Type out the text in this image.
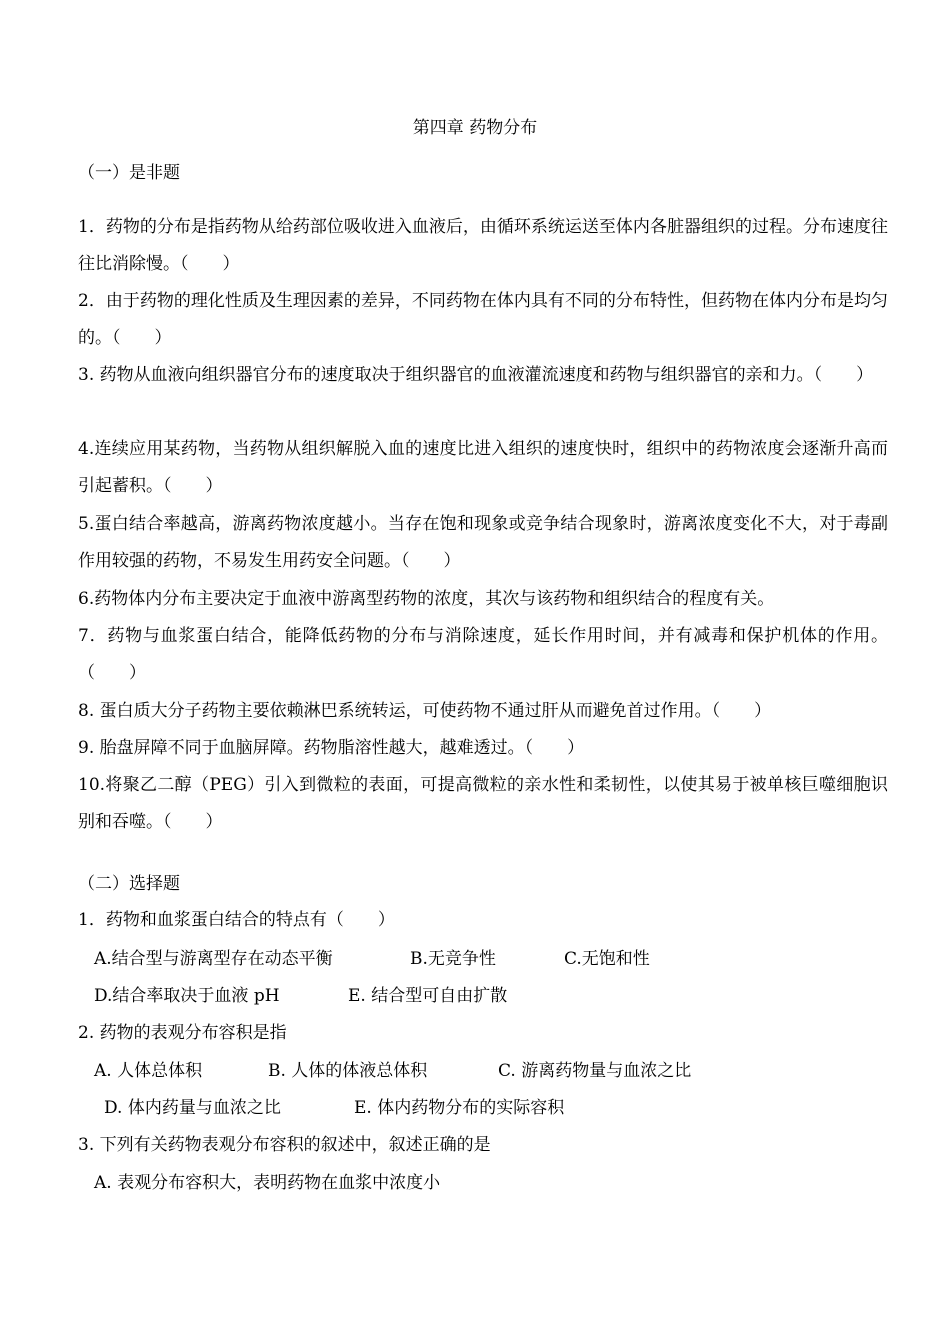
第四章 药物分布
（一）是非题
1．药物的分布是指药物从给药部位吸收进入血液后，由循环系统运送至体内各脏器组织的过程。分布速度往往比消除慢。（　　）
2．由于药物的理化性质及生理因素的差异，不同药物在体内具有不同的分布特性，但药物在体内分布是均匀的。（　　）
3. 药物从血液向组织器官分布的速度取决于组织器官的血液灌流速度和药物与组织器官的亲和力。（　　）
4.连续应用某药物，当药物从组织解脱入血的速度比进入组织的速度快时，组织中的药物浓度会逐渐升高而引起蓄积。（　　）
5.蛋白结合率越高，游离药物浓度越小。当存在饱和现象或竞争结合现象时，游离浓度变化不大，对于毒副作用较强的药物，不易发生用药安全问题。（　　）
6.药物体内分布主要决定于血液中游离型药物的浓度，其次与该药物和组织结合的程度有关。
7．药物与血浆蛋白结合，能降低药物的分布与消除速度，延长作用时间，并有减毒和保护机体的作用。（　　）
8. 蛋白质大分子药物主要依赖淋巴系统转运，可使药物不通过肝从而避免首过作用。（　　）
9. 胎盘屏障不同于血脑屏障。药物脂溶性越大，越难透过。（　　）
10.将聚乙二醇（PEG）引入到微粒的表面，可提高微粒的亲水性和柔韧性，以使其易于被单核巨噬细胞识别和吞噬。（　　）
（二）选择题
1．药物和血浆蛋白结合的特点有（　　）
A.结合型与游离型存在动态平衡	B.无竞争性	C.无饱和性
D.结合率取决于血液 pH	E. 结合型可自由扩散
2. 药物的表观分布容积是指
A. 人体总体积	B. 人体的体液总体积	C. 游离药物量与血浓之比
D. 体内药量与血浓之比	E. 体内药物分布的实际容积
3. 下列有关药物表观分布容积的叙述中，叙述正确的是
A. 表观分布容积大，表明药物在血浆中浓度小
